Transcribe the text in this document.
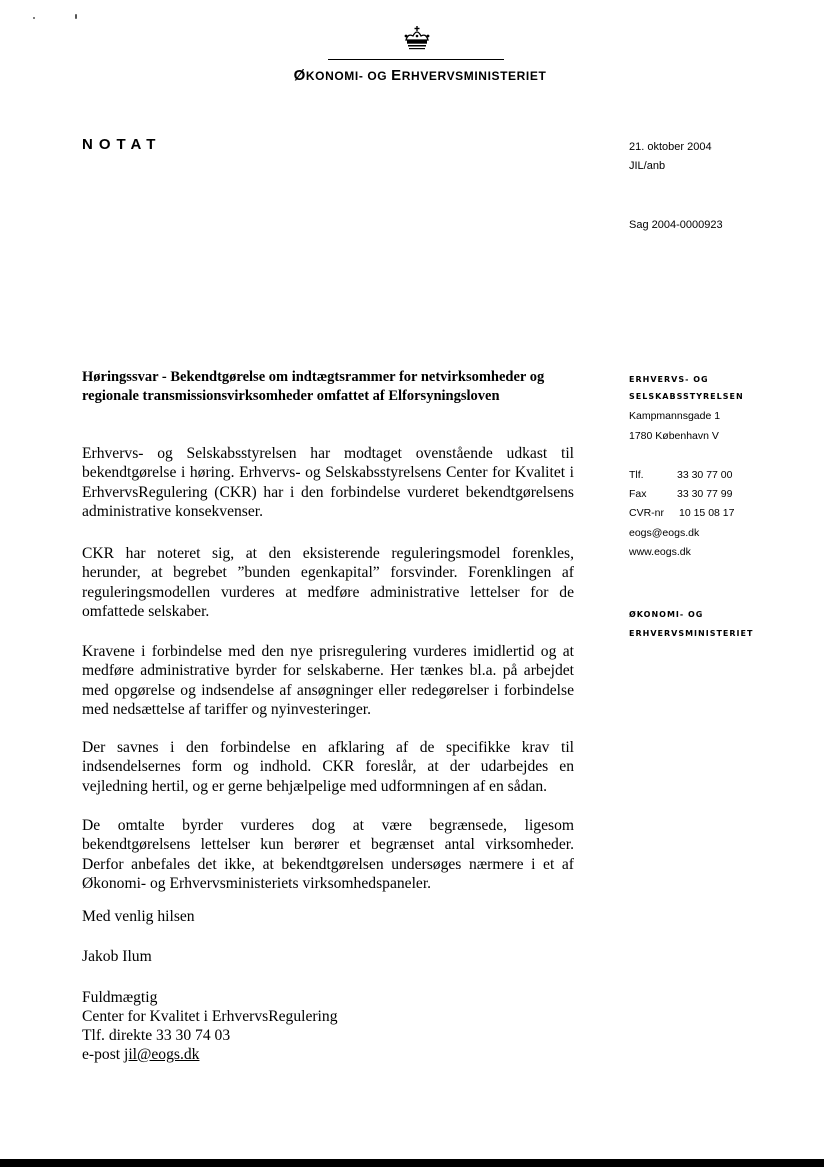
ØKONOMI- OG ERHVERVSMINISTERIET
NOTAT	21. oktober 2004
JIL/anb
Sag 2004-0000923
Høringssvar - Bekendtgørelse om indtægtsrammer for netvirksomheder og regionale transmissionsvirksomheder omfattet af Elforsyningsloven
Erhvervs- og Selskabsstyrelsen har modtaget ovenstående udkast til bekendtgørelse i høring. Erhvervs- og Selskabsstyrelsens Center for Kvalitet i ErhvervsRegulering (CKR) har i den forbindelse vurderet bekendtgørelsens administrative konsekvenser.
CKR har noteret sig, at den eksisterende reguleringsmodel forenkles, herunder, at begrebet ”bunden egenkapital” forsvinder. Forenklingen af reguleringsmodellen vurderes at medføre administrative lettelser for de omfattede selskaber.
Kravene i forbindelse med den nye prisregulering vurderes imidlertid og at medføre administrative byrder for selskaberne. Her tænkes bl.a. på arbejdet med opgørelse og indsendelse af ansøgninger eller redegørelser i forbindelse med nedsættelse af tariffer og nyinvesteringer.
Der savnes i den forbindelse en afklaring af de specifikke krav til indsendelsernes form og indhold. CKR foreslår, at der udarbejdes en vejledning hertil, og er gerne behjælpelige med udformningen af en sådan.
De omtalte byrder vurderes dog at være begrænsede, ligesom bekendtgørelsens lettelser kun berører et begrænset antal virksomheder. Derfor anbefales det ikke, at bekendtgørelsen undersøges nærmere i et af Økonomi- og Erhvervsministeriets virksomhedspaneler.
Med venlig hilsen
Jakob Ilum
Fuldmægtig
Center for Kvalitet i ErhvervsRegulering
Tlf. direkte 33 30 74 03
e-post jil@eogs.dk
ERHVERVS- OG
SELSKABSSTYRELSEN
Kampmannsgade 1
1780 København V
Tlf.	33 30 77 00
Fax	33 30 77 99
CVR-nr 10 15 08 17
eogs@eogs.dk
www.eogs.dk
ØKONOMI- OG
ERHVERVSMINISTERIET
